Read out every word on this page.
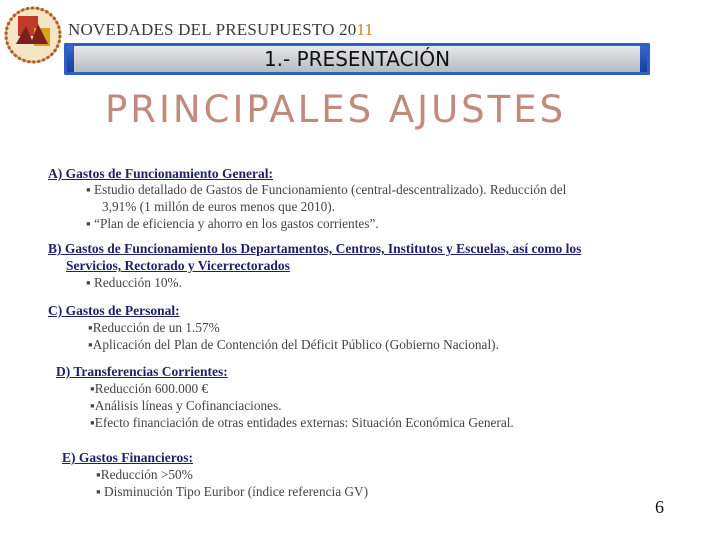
NOVEDADES DEL PRESUPUESTO 2011
1.- PRESENTACIÓN
PRINCIPALES AJUSTES
A) Gastos de Funcionamiento General:
▪ Estudio detallado de Gastos de Funcionamiento (central-descentralizado). Reducción del
3,91% (1 millón de euros menos que 2010).
▪ “Plan de eficiencia y ahorro en los gastos corrientes”.
B) Gastos de Funcionamiento los Departamentos, Centros, Institutos y Escuelas, así como los
Servicios, Rectorado y Vicerrectorados
▪ Reducción 10%.
C) Gastos de Personal:
▪Reducción de un 1.57%
▪Aplicación del Plan de Contención del Déficit Público (Gobierno Nacional).
D) Transferencias Corrientes:
▪Reducción 600.000 €
▪Análisis líneas y Cofinanciaciones.
▪Efecto financiación de otras entidades externas: Situación Económica General.
E) Gastos Financieros:
▪Reducción >50%
▪ Disminución Tipo Euribor (índice referencia GV)
6
